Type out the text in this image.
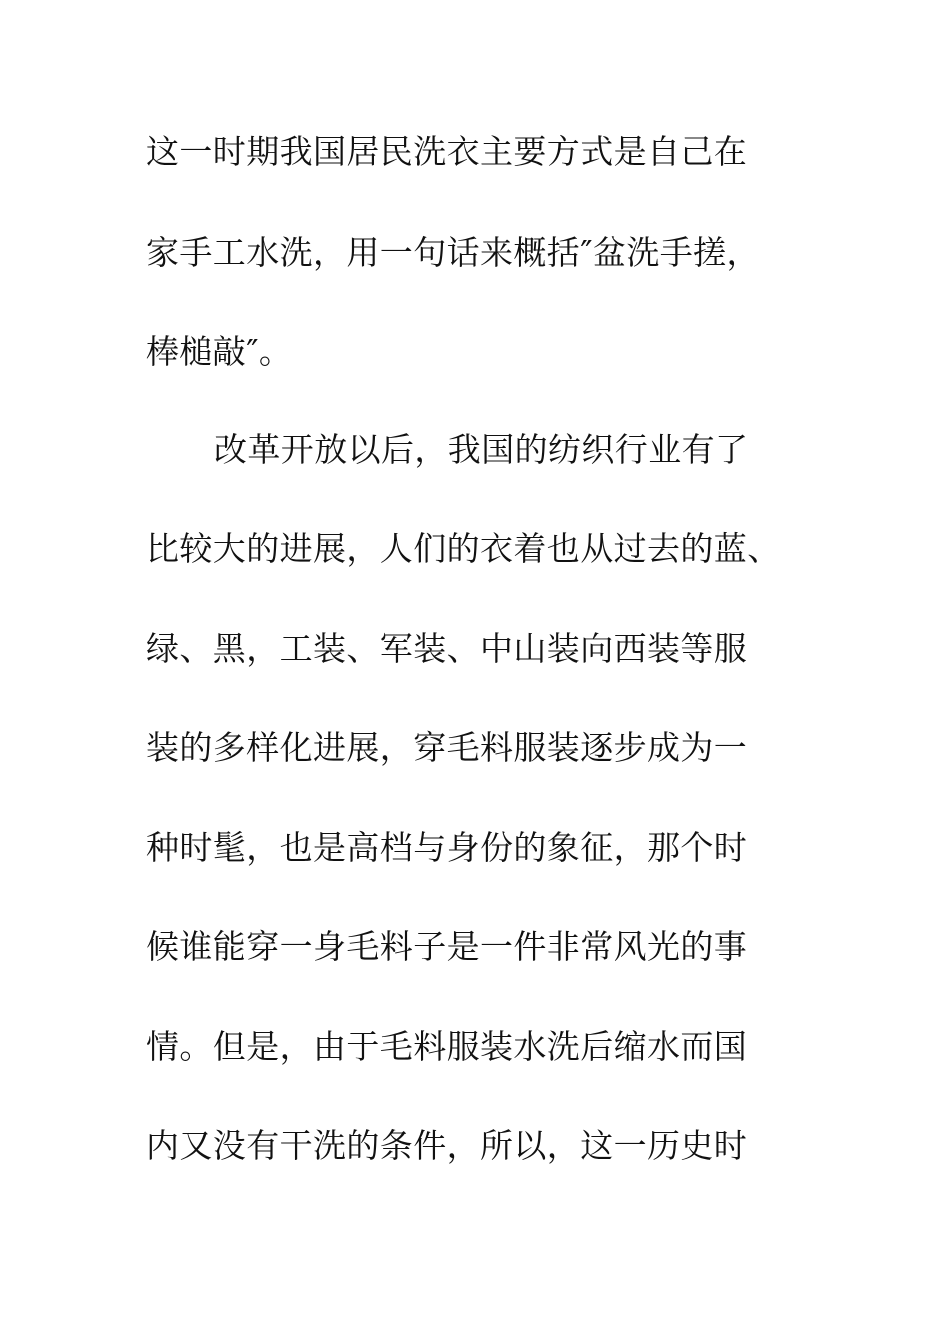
这一时期我国居民洗衣主要方式是自己在

家手工水洗，用一句话来概括″盆洗手搓，

棒槌敲″。

改革开放以后，我国的纺织行业有了

比较大的进展，人们的衣着也从过去的蓝、

绿、黑，工装、军装、中山装向西装等服

装的多样化进展，穿毛料服装逐步成为一

种时髦，也是高档与身份的象征，那个时

候谁能穿一身毛料子是一件非常风光的事

情。但是，由于毛料服装水洗后缩水而国

内又没有干洗的条件，所以，这一历史时
